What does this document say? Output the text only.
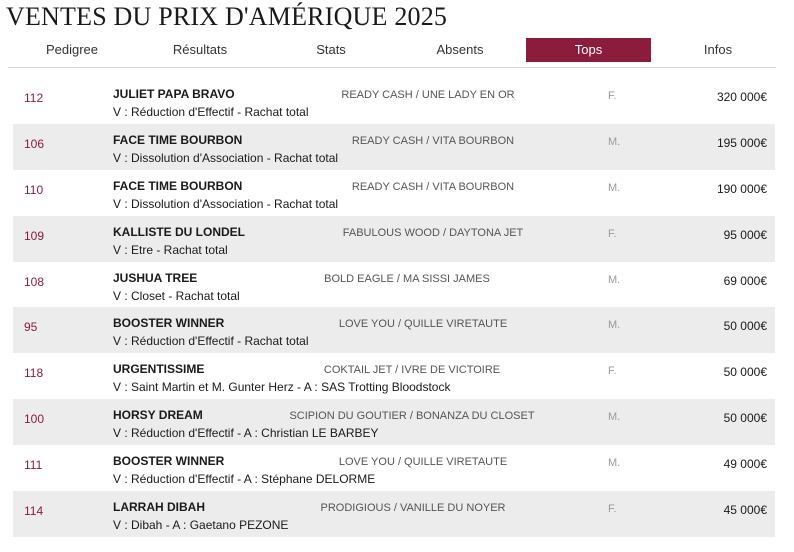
VENTES DU PRIX D'AMÉRIQUE 2025
Pedigree	Résultats	Stats	Absents	Tops	Infos
112	JULIET PAPA BRAVO	READY CASH / UNE LADY EN OR	F.	320 000€
V : Réduction d'Effectif - Rachat total
106	FACE TIME BOURBON	READY CASH / VITA BOURBON	M.	195 000€
V : Dissolution d'Association - Rachat total
110	FACE TIME BOURBON	READY CASH / VITA BOURBON	M.	190 000€
V : Dissolution d'Association - Rachat total
109	KALLISTE DU LONDEL	FABULOUS WOOD / DAYTONA JET	F.	95 000€
V : Etre - Rachat total
108	JUSHUA TREE	BOLD EAGLE / MA SISSI JAMES	M.	69 000€
V : Closet - Rachat total
95	BOOSTER WINNER	LOVE YOU / QUILLE VIRETAUTE	M.	50 000€
V : Réduction d'Effectif - Rachat total
118	URGENTISSIME	COKTAIL JET / IVRE DE VICTOIRE	F.	50 000€
V : Saint Martin et M. Gunter Herz - A : SAS Trotting Bloodstock
100	HORSY DREAM	SCIPION DU GOUTIER / BONANZA DU CLOSET	M.	50 000€
V : Réduction d'Effectif - A : Christian LE BARBEY
111	BOOSTER WINNER	LOVE YOU / QUILLE VIRETAUTE	M.	49 000€
V : Réduction d'Effectif - A : Stéphane DELORME
114	LARRAH DIBAH	PRODIGIOUS / VANILLE DU NOYER	F.	45 000€
V : Dibah - A : Gaetano PEZONE
